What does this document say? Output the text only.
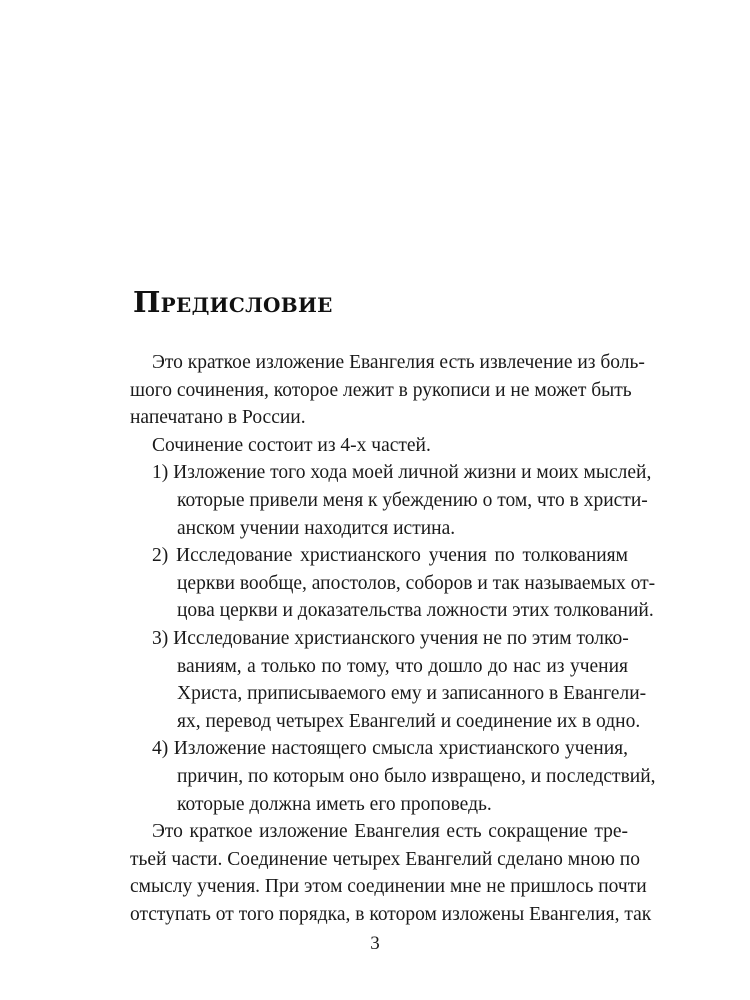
Предисловие
Это краткое изложение Евангелия есть извлечение из боль-
шого сочинения, которое лежит в рукописи и не может быть
напечатано в России.
Сочинение состоит из 4-х частей.
1) Изложение того хода моей личной жизни и моих мыслей,
которые привели меня к убеждению о том, что в христи-
анском учении находится истина.
2) Исследование христианского учения по толкованиям
церкви вообще, апостолов, соборов и так называемых от-
цова церкви и доказательства ложности этих толкований.
3) Исследование христианского учения не по этим толко-
ваниям, а только по тому, что дошло до нас из учения
Христа, приписываемого ему и записанного в Евангели-
ях, перевод четырех Евангелий и соединение их в одно.
4) Изложение настоящего смысла христианского учения,
причин, по которым оно было извращено, и последствий,
которые должна иметь его проповедь.
Это краткое изложение Евангелия есть сокращение тре-
тьей части. Соединение четырех Евангелий сделано мною по
смыслу учения. При этом соединении мне не пришлось почти
отступать от того порядка, в котором изложены Евангелия, так
3
